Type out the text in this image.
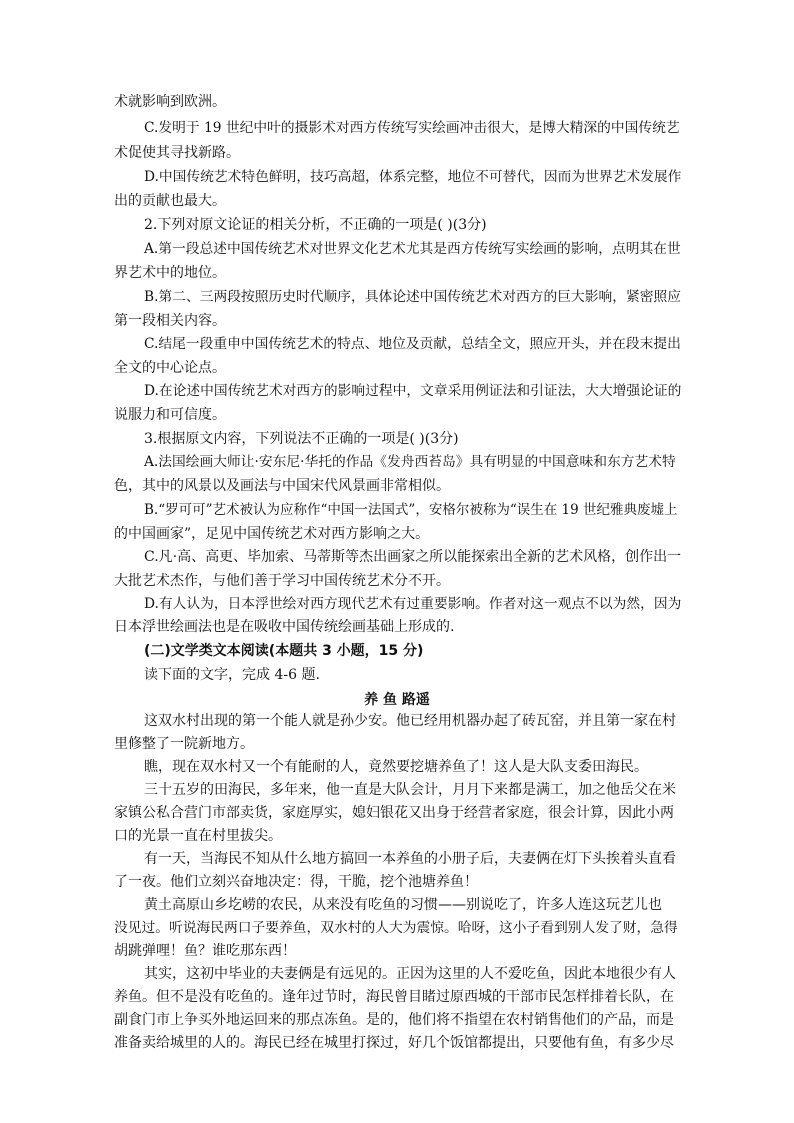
术就影响到欧洲。
C.发明于 19 世纪中叶的摄影术对西方传统写实绘画冲击很大，是博大精深的中国传统艺
术促使其寻找新路。
D.中国传统艺术特色鲜明，技巧高超，体系完整，地位不可替代，因而为世界艺术发展作
出的贡献也最大。
2.下列对原文论证的相关分析，不正确的一项是( )(3分)
A.第一段总述中国传统艺术对世界文化艺术尤其是西方传统写实绘画的影响，点明其在世
界艺术中的地位。
B.第二、三两段按照历史时代顺序，具体论述中国传统艺术对西方的巨大影响，紧密照应
第一段相关内容。
C.结尾一段重申中国传统艺术的特点、地位及贡献，总结全文，照应开头，并在段末提出
全文的中心论点。
D.在论述中国传统艺术对西方的影响过程中，文章采用例证法和引证法，大大增强论证的
说服力和可信度。
3.根据原文内容，下列说法不正确的一项是( )(3分)
A.法国绘画大师让·安东尼·华托的作品《发舟西苔岛》具有明显的中国意味和东方艺术特
色，其中的风景以及画法与中国宋代风景画非常相似。
B.“罗可可”艺术被认为应称作“中国一法国式”，安格尔被称为“误生在 19 世纪雅典废墟上
的中国画家”，足见中国传统艺术对西方影响之大。
C.凡·高、高更、毕加索、马蒂斯等杰出画家之所以能探索出全新的艺术风格，创作出一
大批艺术杰作，与他们善于学习中国传统艺术分不开。
D.有人认为，日本浮世绘对西方现代艺术有过重要影响。作者对这一观点不以为然，因为
日本浮世绘画法也是在吸收中国传统绘画基础上形成的.
(二)文学类文本阅读(本题共 3 小题，15 分)
读下面的文字，完成 4-6 题.
养 鱼 路遥
这双水村出现的第一个能人就是孙少安。他已经用机器办起了砖瓦窑，并且第一家在村
里修整了一院新地方。
瞧，现在双水村又一个有能耐的人，竟然要挖塘养鱼了！这人是大队支委田海民。
三十五岁的田海民，多年来，他一直是大队会计，月月下来都是满工，加之他岳父在米
家镇公私合营门市部卖货，家庭厚实，媳妇银花又出身于经营者家庭，很会计算，因此小两
口的光景一直在村里拔尖。
有一天，当海民不知从什么地方搞回一本养鱼的小册子后，夫妻俩在灯下头挨着头直看
了一夜。他们立刻兴奋地决定：得，干脆，挖个池塘养鱼！
黄土高原山乡圪崂的农民，从来没有吃鱼的习惯——别说吃了，许多人连这玩艺儿也
没见过。听说海民两口子要养鱼，双水村的人大为震惊。哈呀，这小子看到别人发了财，急得
胡跳弹哩！鱼？谁吃那东西！
其实，这初中毕业的夫妻俩是有远见的。正因为这里的人不爱吃鱼，因此本地很少有人
养鱼。但不是没有吃鱼的。逢年过节时，海民曾目睹过原西城的干部市民怎样排着长队，在
副食门市上争买外地运回来的那点冻鱼。是的，他们将不指望在农村销售他们的产品，而是
准备卖给城里的人的。海民已经在城里打探过，好几个饭馆都提出，只要他有鱼，有多少尽
